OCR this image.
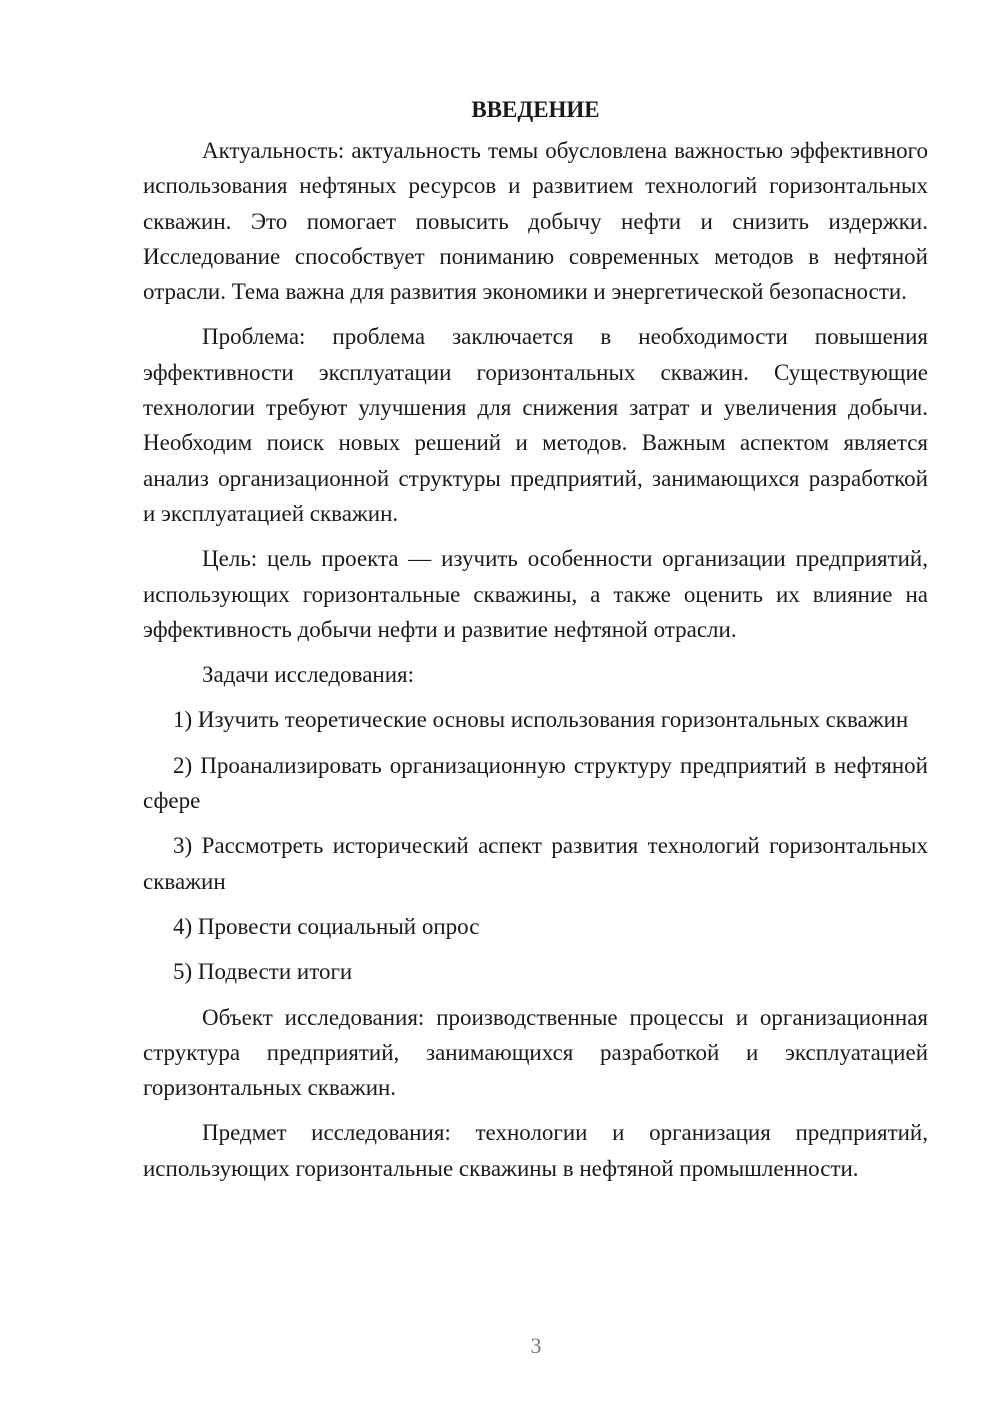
ВВЕДЕНИЕ

Актуальность: актуальность темы обусловлена важностью эффективного использования нефтяных ресурсов и развитием технологий горизонтальных скважин. Это помогает повысить добычу нефти и снизить издержки. Исследование способствует пониманию современных методов в нефтяной отрасли. Тема важна для развития экономики и энергетической безопасности.

Проблема: проблема заключается в необходимости повышения эффективности эксплуатации горизонтальных скважин. Существующие технологии требуют улучшения для снижения затрат и увеличения добычи. Необходим поиск новых решений и методов. Важным аспектом является анализ организационной структуры предприятий, занимающихся разработкой и эксплуатацией скважин.

Цель: цель проекта — изучить особенности организации предприятий, использующих горизонтальные скважины, а также оценить их влияние на эффективность добычи нефти и развитие нефтяной отрасли.

Задачи исследования:

1) Изучить теоретические основы использования горизонтальных скважин

2) Проанализировать организационную структуру предприятий в нефтяной сфере

3) Рассмотреть исторический аспект развития технологий горизонтальных скважин

4) Провести социальный опрос

5) Подвести итоги

Объект исследования: производственные процессы и организационная структура предприятий, занимающихся разработкой и эксплуатацией горизонтальных скважин.

Предмет исследования: технологии и организация предприятий, использующих горизонтальные скважины в нефтяной промышленности.

3
